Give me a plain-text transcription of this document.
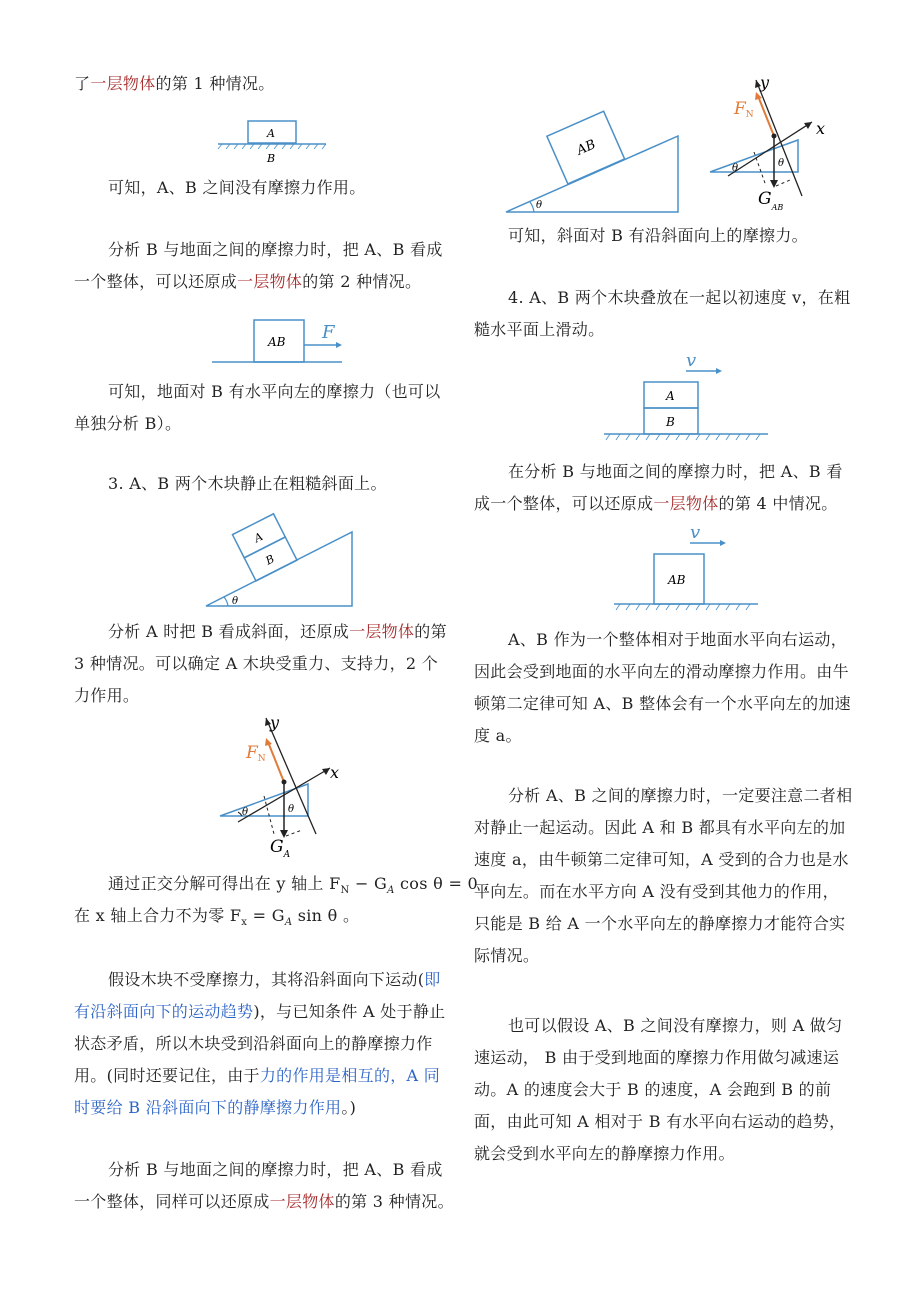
了一层物体的第 1 种情况。

A
B

可知，A、B 之间没有摩擦力作用。

分析 B 与地面之间的摩擦力时，把 A、B 看成一个整体，可以还原成一层物体的第 2 种情况。

AB F

可知，地面对 B 有水平向左的摩擦力（也可以单独分析 B）。

3. A、B 两个木块静止在粗糙斜面上。

A
B
θ

分析 A 时把 B 看成斜面，还原成一层物体的第 3 种情况。可以确定 A 木块受重力、支持力，2 个力作用。

θ	θ
y
x
FN
$G_A$

通过正交分解可得出在 y 轴上 $F_N - G_A$ cos θ = 0 ，

在 x 轴上合力不为零 $F_x = G_A$ sin θ 。

假设木块不受摩擦力，其将沿斜面向下运动(即有沿斜面向下的运动趋势)，与已知条件 A 处于静止状态矛盾，所以木块受到沿斜面向上的静摩擦力作用。(同时还要记住，由于力的作用是相互的，A 同时要给 B 沿斜面向下的静摩擦力作用。)

分析 B 与地面之间的摩擦力时，把 A、B 看成一个整体，同样可以还原成一层物体的第 3 种情况。

AB
θ
θ	θ
y
x
FN
$G_{AB}$

可知，斜面对 B 有沿斜面向上的摩擦力。

4. A、B 两个木块叠放在一起以初速度 v，在粗糙水平面上滑动。

v
A
B

在分析 B 与地面之间的摩擦力时，把 A、B 看成一个整体，可以还原成一层物体的第 4 中情况。

v
AB

A、B 作为一个整体相对于地面水平向右运动，因此会受到地面的水平向左的滑动摩擦力作用。由牛顿第二定律可知 A、B 整体会有一个水平向左的加速度 a。

分析 A、B 之间的摩擦力时，一定要注意二者相对静止一起运动。因此 A 和 B 都具有水平向左的加速度 a，由牛顿第二定律可知，A 受到的合力也是水平向左。而在水平方向 A 没有受到其他力的作用，只能是 B 给 A 一个水平向左的静摩擦力才能符合实际情况。

也可以假设 A、B 之间没有摩擦力，则 A 做匀速运动， B 由于受到地面的摩擦力作用做匀减速运动。A 的速度会大于 B 的速度，A 会跑到 B 的前面，由此可知 A 相对于 B 有水平向右运动的趋势，就会受到水平向左的静摩擦力作用。
